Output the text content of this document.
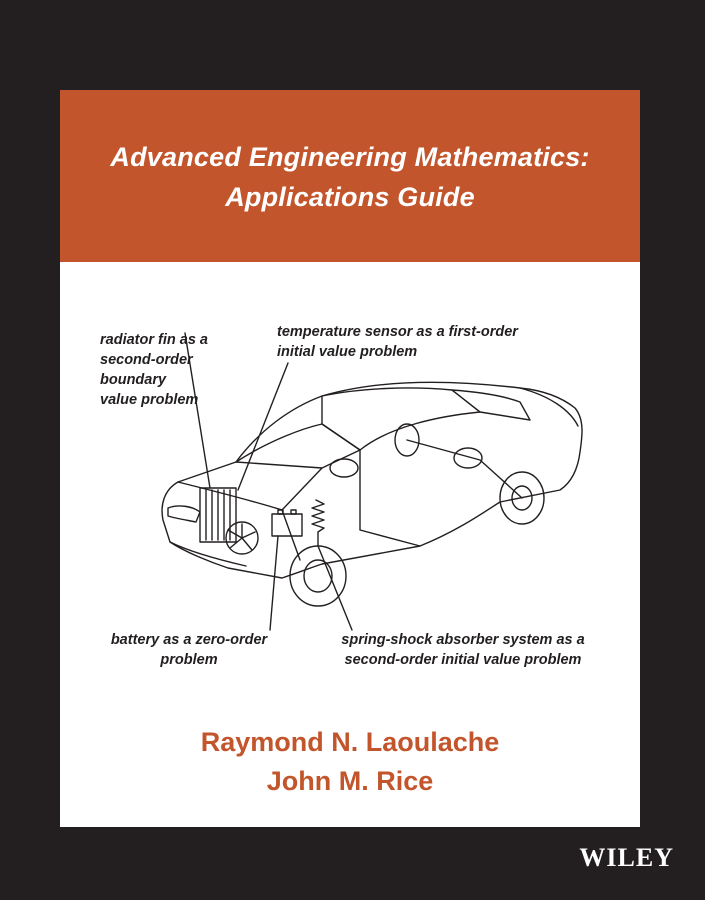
Advanced Engineering Mathematics:
Applications Guide
radiator fin as a
second-order
boundary
value problem
temperature sensor as a first-order
initial value problem
battery as a zero-order
problem
spring-shock absorber system as a
second-order initial value problem
Raymond N. Laoulache
John M. Rice
WILEY
